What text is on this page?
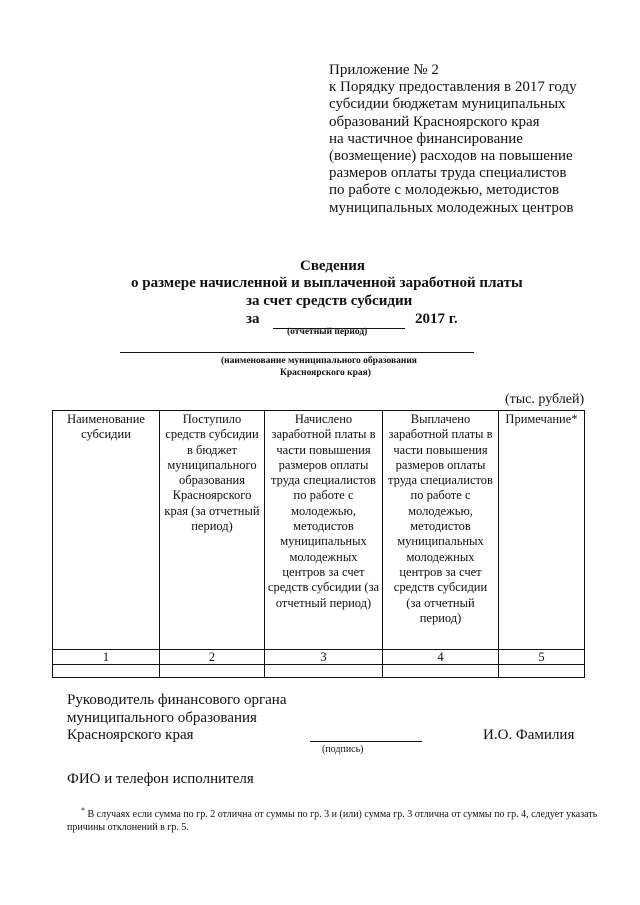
Приложение № 2
к Порядку предоставления в 2017 году
субсидии бюджетам муниципальных
образований Красноярского края
на частичное финансирование
(возмещение) расходов на повышение
размеров оплаты труда специалистов
по работе с молодежью, методистов
муниципальных молодежных центров
Сведения
о размере начисленной и выплаченной заработной платы
за счет средств субсидии
за	2017 г.
(отчетный период)
(наименование муниципального образования
Красноярского края)
(тыс. рублей)
Наименование субсидии	Поступило средств субсидии в бюджет муниципального образования Красноярского края (за отчетный период)	Начислено заработной платы в части повышения размеров оплаты труда специалистов по работе с молодежью, методистов муниципальных молодежных центров за счет средств субсидии (за отчетный период)	Выплачено заработной платы в части повышения размеров оплаты труда специалистов по работе с молодежью, методистов муниципальных молодежных центров за счет средств субсидии (за отчетный период)	Примечание*
1	2	3	4	5

Руководитель финансового органа
муниципального образования
Красноярского края
(подпись)
И.О. Фамилия
ФИО и телефон исполнителя
* В случаях если сумма по гр. 2 отлична от суммы по гр. 3 и (или) сумма гр. 3 отлична от суммы по гр. 4, следует указать причины отклонений в гр. 5.
